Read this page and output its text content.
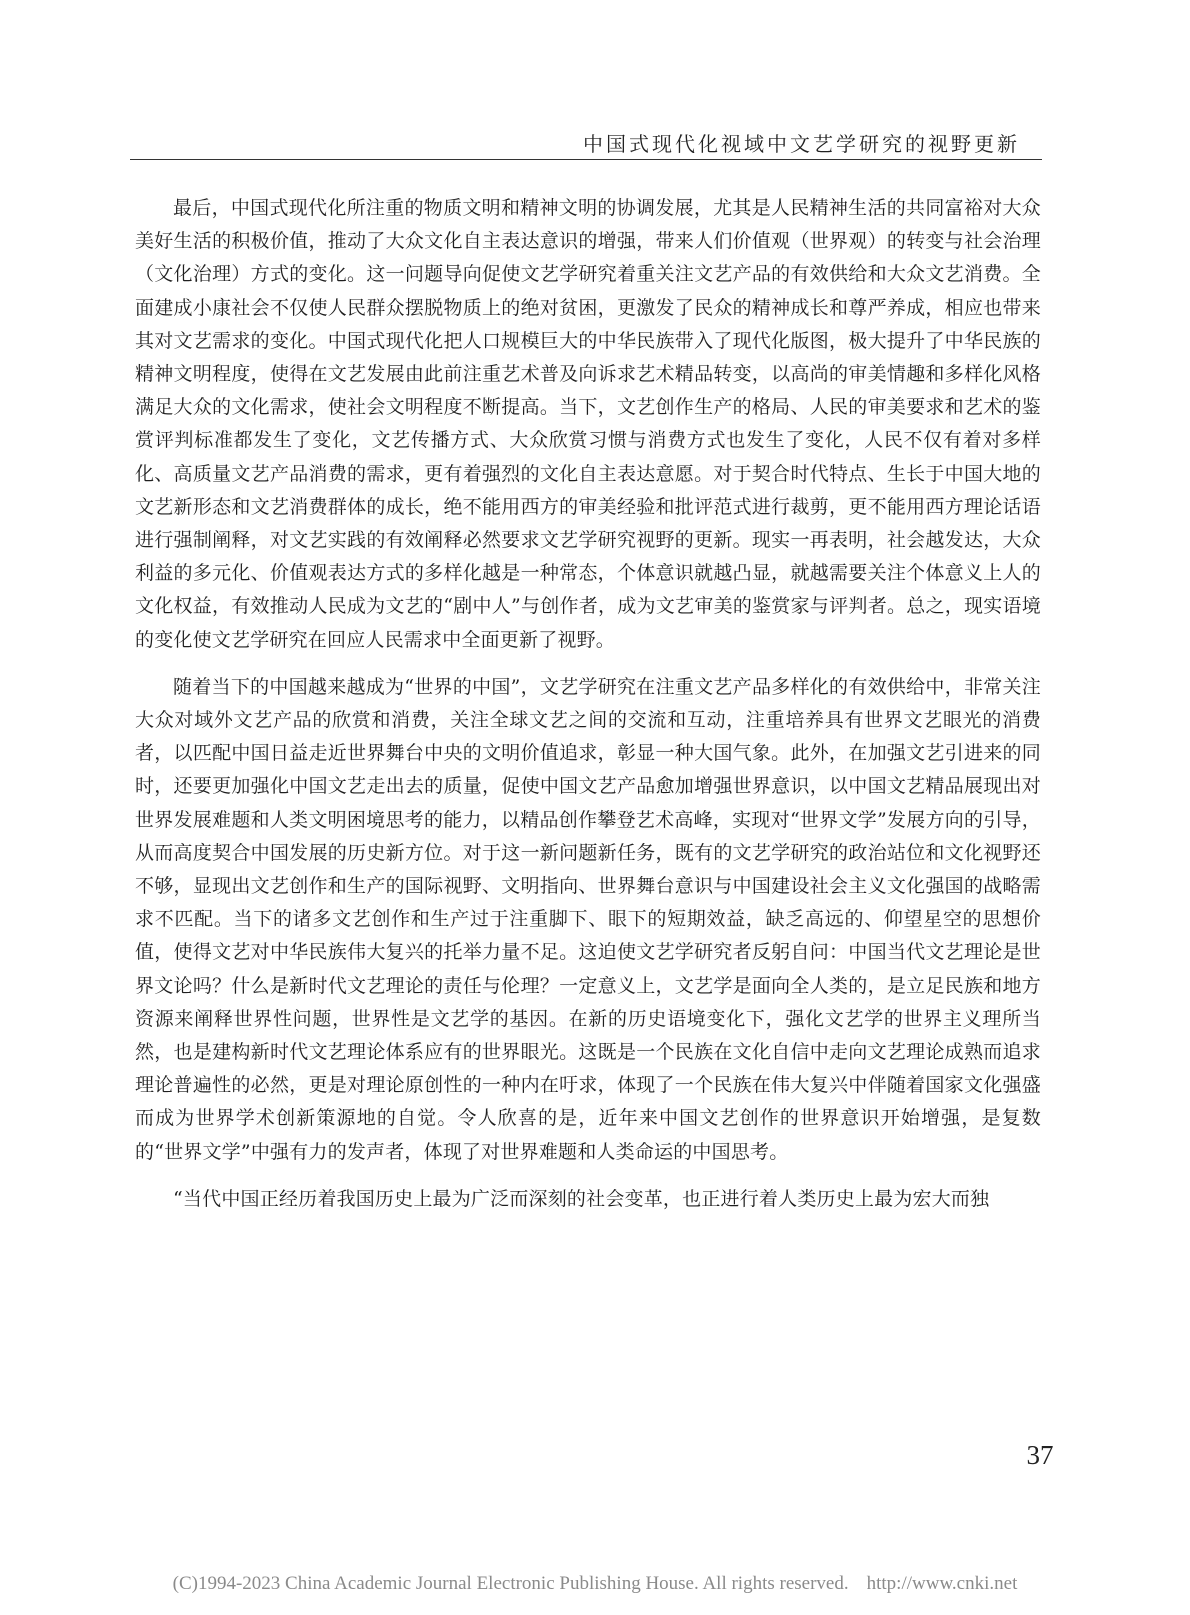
中国式现代化视域中文艺学研究的视野更新

最后，中国式现代化所注重的物质文明和精神文明的协调发展，尤其是人民精神生活的共同富裕对大众美好生活的积极价值，推动了大众文化自主表达意识的增强，带来人们价值观（世界观）的转变与社会治理（文化治理）方式的变化。这一问题导向促使文艺学研究着重关注文艺产品的有效供给和大众文艺消费。全面建成小康社会不仅使人民群众摆脱物质上的绝对贫困，更激发了民众的精神成长和尊严养成，相应也带来其对文艺需求的变化。中国式现代化把人口规模巨大的中华民族带入了现代化版图，极大提升了中华民族的精神文明程度，使得在文艺发展由此前注重艺术普及向诉求艺术精品转变，以高尚的审美情趣和多样化风格满足大众的文化需求，使社会文明程度不断提高。当下，文艺创作生产的格局、人民的审美要求和艺术的鉴赏评判标准都发生了变化，文艺传播方式、大众欣赏习惯与消费方式也发生了变化，人民不仅有着对多样化、高质量文艺产品消费的需求，更有着强烈的文化自主表达意愿。对于契合时代特点、生长于中国大地的文艺新形态和文艺消费群体的成长，绝不能用西方的审美经验和批评范式进行裁剪，更不能用西方理论话语进行强制阐释，对文艺实践的有效阐释必然要求文艺学研究视野的更新。现实一再表明，社会越发达，大众利益的多元化、价值观表达方式的多样化越是一种常态，个体意识就越凸显，就越需要关注个体意义上人的文化权益，有效推动人民成为文艺的“剧中人”与创作者，成为文艺审美的鉴赏家与评判者。总之，现实语境的变化使文艺学研究在回应人民需求中全面更新了视野。

随着当下的中国越来越成为“世界的中国”，文艺学研究在注重文艺产品多样化的有效供给中，非常关注大众对域外文艺产品的欣赏和消费，关注全球文艺之间的交流和互动，注重培养具有世界文艺眼光的消费者，以匹配中国日益走近世界舞台中央的文明价值追求，彰显一种大国气象。此外，在加强文艺引进来的同时，还要更加强化中国文艺走出去的质量，促使中国文艺产品愈加增强世界意识，以中国文艺精品展现出对世界发展难题和人类文明困境思考的能力，以精品创作攀登艺术高峰，实现对“世界文学”发展方向的引导，从而高度契合中国发展的历史新方位。对于这一新问题新任务，既有的文艺学研究的政治站位和文化视野还不够，显现出文艺创作和生产的国际视野、文明指向、世界舞台意识与中国建设社会主义文化强国的战略需求不匹配。当下的诸多文艺创作和生产过于注重脚下、眼下的短期效益，缺乏高远的、仰望星空的思想价值，使得文艺对中华民族伟大复兴的托举力量不足。这迫使文艺学研究者反躬自问：中国当代文艺理论是世界文论吗？什么是新时代文艺理论的责任与伦理？一定意义上，文艺学是面向全人类的，是立足民族和地方资源来阐释世界性问题，世界性是文艺学的基因。在新的历史语境变化下，强化文艺学的世界主义理所当然，也是建构新时代文艺理论体系应有的世界眼光。这既是一个民族在文化自信中走向文艺理论成熟而追求理论普遍性的必然，更是对理论原创性的一种内在吁求，体现了一个民族在伟大复兴中伴随着国家文化强盛而成为世界学术创新策源地的自觉。令人欣喜的是，近年来中国文艺创作的世界意识开始增强，是复数的“世界文学”中强有力的发声者，体现了对世界难题和人类命运的中国思考。

“当代中国正经历着我国历史上最为广泛而深刻的社会变革，也正进行着人类历史上最为宏大而独

37
(C)1994-2023 China Academic Journal Electronic Publishing House. All rights reserved. http://www.cnki.net
